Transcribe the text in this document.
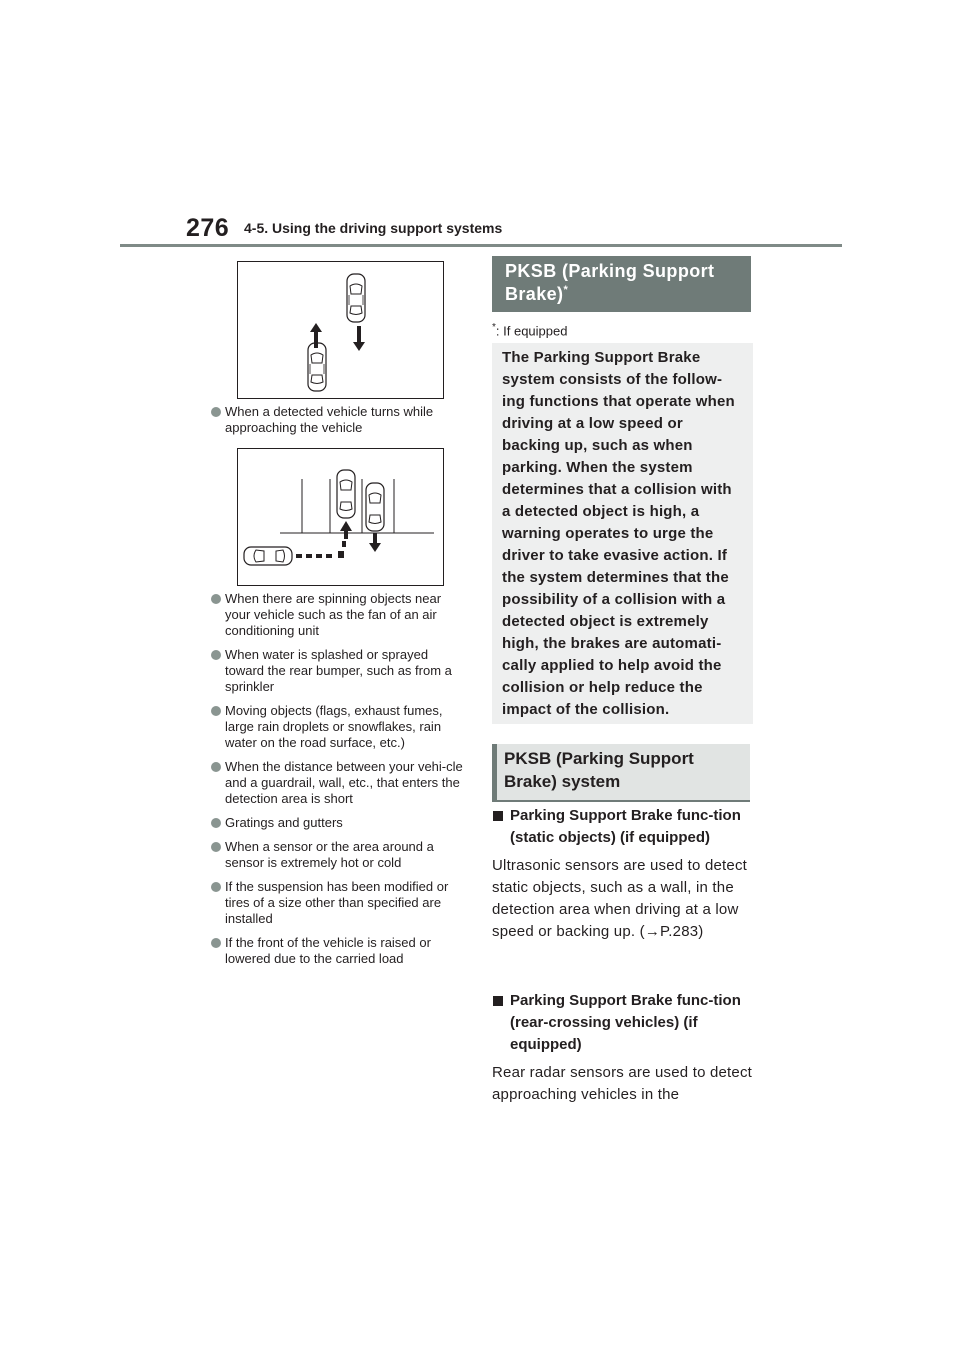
276 4-5. Using the driving support systems
When a detected vehicle turns while approaching the vehicle
When there are spinning objects near your vehicle such as the fan of an air conditioning unit
When water is splashed or sprayed toward the rear bumper, such as from a sprinkler
Moving objects (flags, exhaust fumes, large rain droplets or snowflakes, rain water on the road surface, etc.)
When the distance between your vehi-cle and a guardrail, wall, etc., that enters the detection area is short
Gratings and gutters
When a sensor or the area around a sensor is extremely hot or cold
If the suspension has been modified or tires of a size other than specified are installed
If the front of the vehicle is raised or lowered due to the carried load
PKSB (Parking Support Brake)*
*: If equipped

The Parking Support Brake system consists of the follow-ing functions that operate when driving at a low speed or backing up, such as when parking. When the system determines that a collision with a detected object is high, a warning operates to urge the driver to take evasive action. If the system determines that the possibility of a collision with a detected object is extremely high, the brakes are automati-cally applied to help avoid the collision or help reduce the impact of the collision.

PKSB (Parking Support Brake) system
Parking Support Brake func-tion (static objects) (if equipped)
Ultrasonic sensors are used to detect static objects, such as a wall, in the detection area when driving at a low speed or backing up. (→P.283)
Parking Support Brake func-tion (rear-crossing vehicles) (if equipped)
Rear radar sensors are used to detect approaching vehicles in the
